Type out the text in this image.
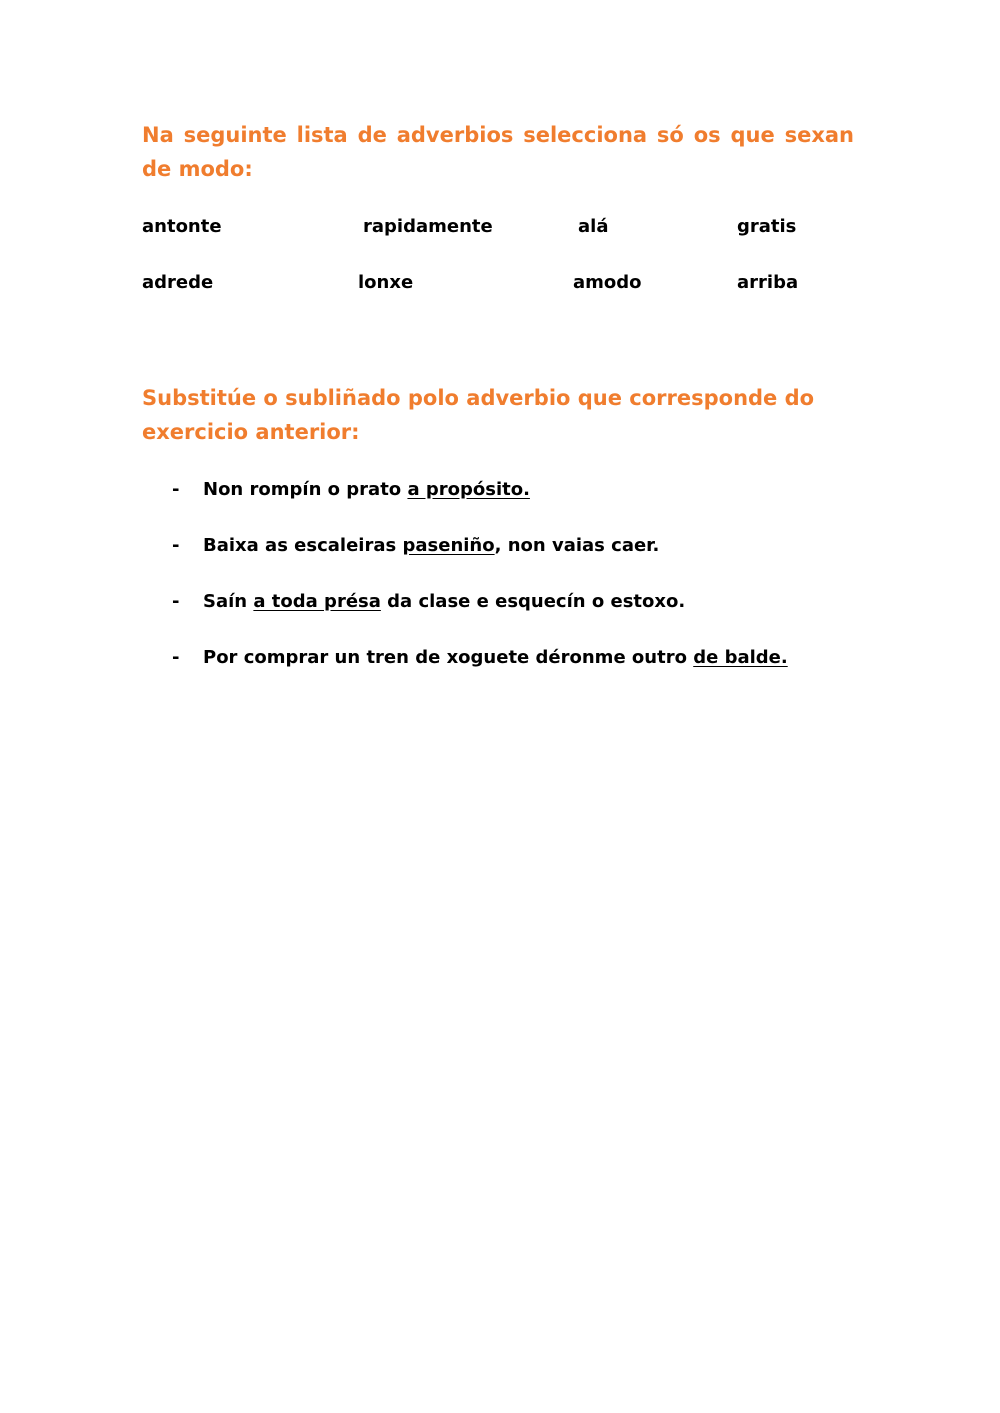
Na seguinte lista de adverbios selecciona só os que sexan de modo:
antonte	rapidamente	alá	gratis
adrede	lonxe	amodo	arriba
Substitúe o subliñado polo adverbio que corresponde do exercicio anterior:
- Non rompín o prato a propósito.
- Baixa as escaleiras paseniño, non vaias caer.
- Saín a toda présa da clase e esquecín o estoxo.
- Por comprar un tren de xoguete déronme outro de balde.
